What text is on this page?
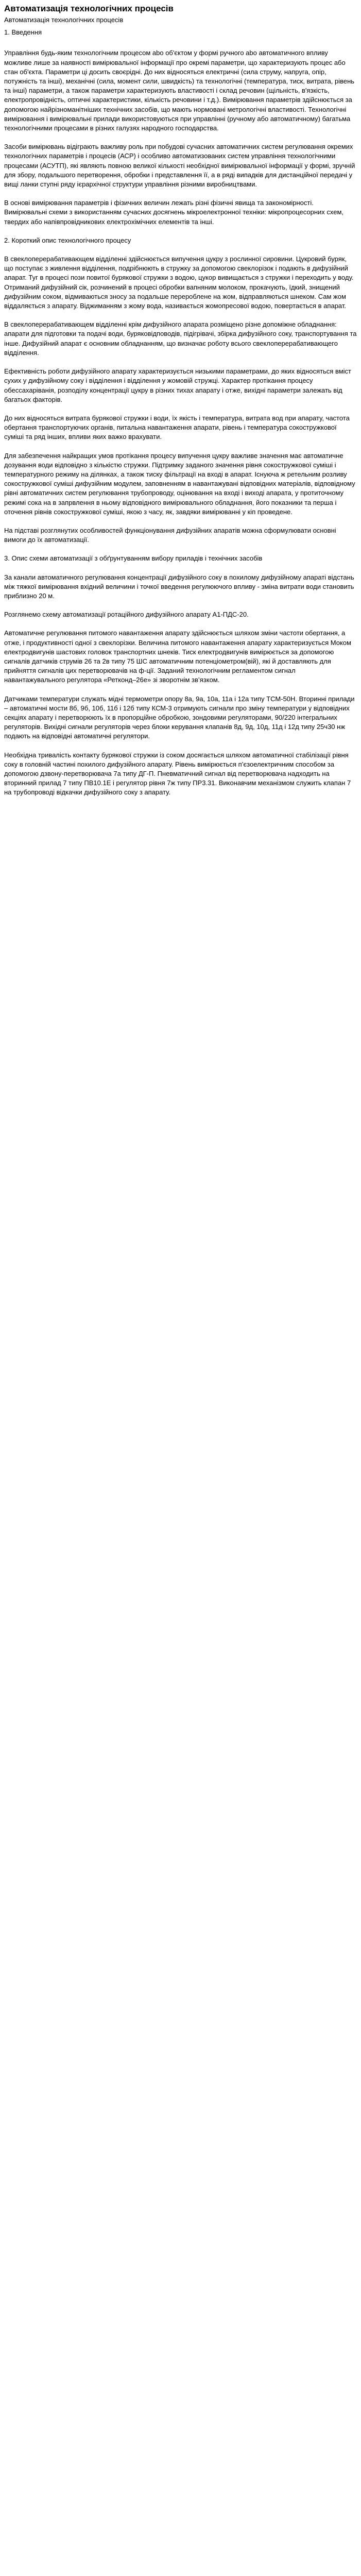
Автоматизація технологічних процесів
Автоматизація технологічних процесів
1. Введення

Управління будь-яким технологічним процесом аbо об'єктом у формі ручного аbо автоматичного впливу можливе лише за наявності вимірювальної інформації про окремі параметри, що характеризують процес або стан об'єкта. Параметри ці досить своєрідні. До них відносяться електричні (сила струму, напруга, опір, потужність та інші), механічні (сила, момент сили, швидкість) та технологічні (температура, тиск, витрата, рівень та інші) параметри, а також параметри характеризують властивості і склад речовин (щільність, в'язкість, електропровідність, оптичні характеристики, кількість речовини і т.д.). Вимірювання параметрів здійснюється за допомогою найрізноманітніших технічних засобів, що мають нормовані метрологічні властивості. Технологічні вимірювання і вимірювальні прилади використовуються при управлінні (ручному або автоматичному) багатьма технологічними процесами в різних галузях народного господарства.

Засоби вимірювань відіграють важливу роль при побудові сучасних автоматичних систем регулювання окремих технологічних параметрів і процесів (АСР) і особливо автоматизованих систем управління технологічними процесами (АСУТП), які являють повною великої кількості необхідної вимірювальної інформації у формі, зручній для збору, подальшого перетворення, обробки і представлення її, а в ряді випадків для дистанційної передачі у вищі ланки ступні ряду ієрархічної структури управління різними виробництвами.

В основі вимірювання параметрів і фізичних величин лежать різні фізичні явища та закономірності. Вимірювальні схеми з використанням сучасних досягнень мікроелектронної техніки: мікропроцесорних схем, твердих або напівпровідникових електрохімічних елементів та інші.

2. Короткий опис технологічного процесу

В свеклоперерабативающем відділенні здійснюється випучення цукру з рослинної сировини. Цукровий буряк, що поступає з живлення відділення, подрібнюють в стружку за допомогою свеклорізок і подають в дифузійний апарат. Туг в процесі пози повитої бурякової стружки з водою, цукор вивищається з стружки і переходить у воду. Отриманий дифузійний сік, розчинений в процесі обробки вапняним молоком, прокачують, їдкий, знищений дифузійним соком, відмиваються зносу за подальше перероблене на жом, відправляються шнеком. Сам жом віддаляється з апарату. Віджиманням з жому вода, називається жомопресової водою, повертається в апарат.

В свеклоперерабативающем відділенні крім дифузійного апарата розміщено різне допоміжне обладнання: апарати для підготовки та подачі води, буряковідповодів, підігрівачі, збірка дифузійного соку, транспортування та інше. Дифузійний апарат є основним обладнанням, що визначає роботу всього свеклоперерабативающего відділення.

Ефективність роботи дифузійного апарату характеризується низькими параметрами, до яких відносяться вміст сухих у дифузійному соку і відділення і відділення у жомовій стружці. Характер протікання процесу обессахаріванія, розподілу концентрації цукру в різних тихах апарату і отже, вихідні параметри залежать від багатьох факторів.

До них відносяться витрата бурякової стружки і води, їх якість і температура, витрата вод при апарату, частота обертання транспортуючих органів, питальна навантаження апарати, рівень і температура сокостружкової суміші та ряд інших, впливи яких важко врахувати.

Для забезпечення найкращих умов протікання процесу випучення цукру важливе значення має автоматичне дозування води відповідно з кількістю стружки. Підтримку заданого значення рівня сокостружкової суміші і температурного режиму на ділянках, а також тиску фільтрації на вході в апарат. Існуюча ж ретельним розливу сокостружкової суміші дифузійним модулем, заповненням в навантажувані відповідних матеріалів, відповідному рівні автоматичних систем регулювання трубопроводу, оцінювання на вході і виході апарата, у протиточному режимі сока на в запрвлення в ньому відповідного вимірювального обладнання, його показники та перша і оточення рівнів сокостружкової суміші, якою з часу, як, завдяки вимірюванні у кіп проведене.

На підставі розглянутих особливостей функціонування дифузійних апаратів можна сформулювати основні вимоги до їх автоматизації.

3. Опис схеми автоматизації з обґрунтуванням вибору приладів і технічних засобів

За канали автоматичного регулювання концентрації дифузійного соку в похилому дифузійному апараті відстань між тяжкої вимірювання вхідний величини і точкої введення регулюючого впливу - зміна витрати води становить приблизно 20 м.

Розглянемо схему автоматизації ротаційного дифузійного апарату А1-ПДС-20.

Автоматичне регулювання питомого навантаження апарату здійснюється шляхом зміни частоти обертання, а отже, і продуктивності одної з свеклорізки. Величина питомого навантаження апарату характеризується Моком електродвигунів шастових головок транспортних шнеків. Тиск електродвигунів вимірюється за допомогою сигналів датчиків струмів 26 та 2в типу 75 ШС автоматичним потенціометром(вій), які й доставляють для прийняття сигналів цих перетворювачів на ф-ції. Заданий технологічним регламентом сигнал навантажувального регулятора «Ретконд–26е» зі зворотнім зв’язком.

Датчиками температури служать мідні термометри опору 8а, 9а, 10а, 11а і 12а типу ТСМ-50H. Вторинні прилади – автоматичні мости 8б, 9б, 10б, 11б і 12б типу КСМ-3 отримують сигнали про зміну температури у відповідних секціях апарату і перетворюють їх в пропорційне обробкою, зондовими регуляторами, 90/220 інтегральних регуляторів. Вихідні сигнали регуляторів через блоки керування клапанів 8д, 9д, 10д, 11д і 12д типу 25ч30 нж подають на відповідні автоматичні регулятори.

Необхідна тривалість контакту бурякової стружки із соком досягається шляхом автоматичної стабілізації рівня соку в головній частині похилого дифузійного апарату. Рівень вимірюється п’єзоелектричним способом за допомогою дзвону-перетворювача 7а типу ДГ-П. Пневматичний сигнал від перетворювача надходить на вторинний прилад 7 типу ПВ10.1Е і регулятор рівня 7ж типу ПР3.31. Виконавчим механізмом служить клапан 7 на трубопроводі відкачки дифузійного соку з апарату.
